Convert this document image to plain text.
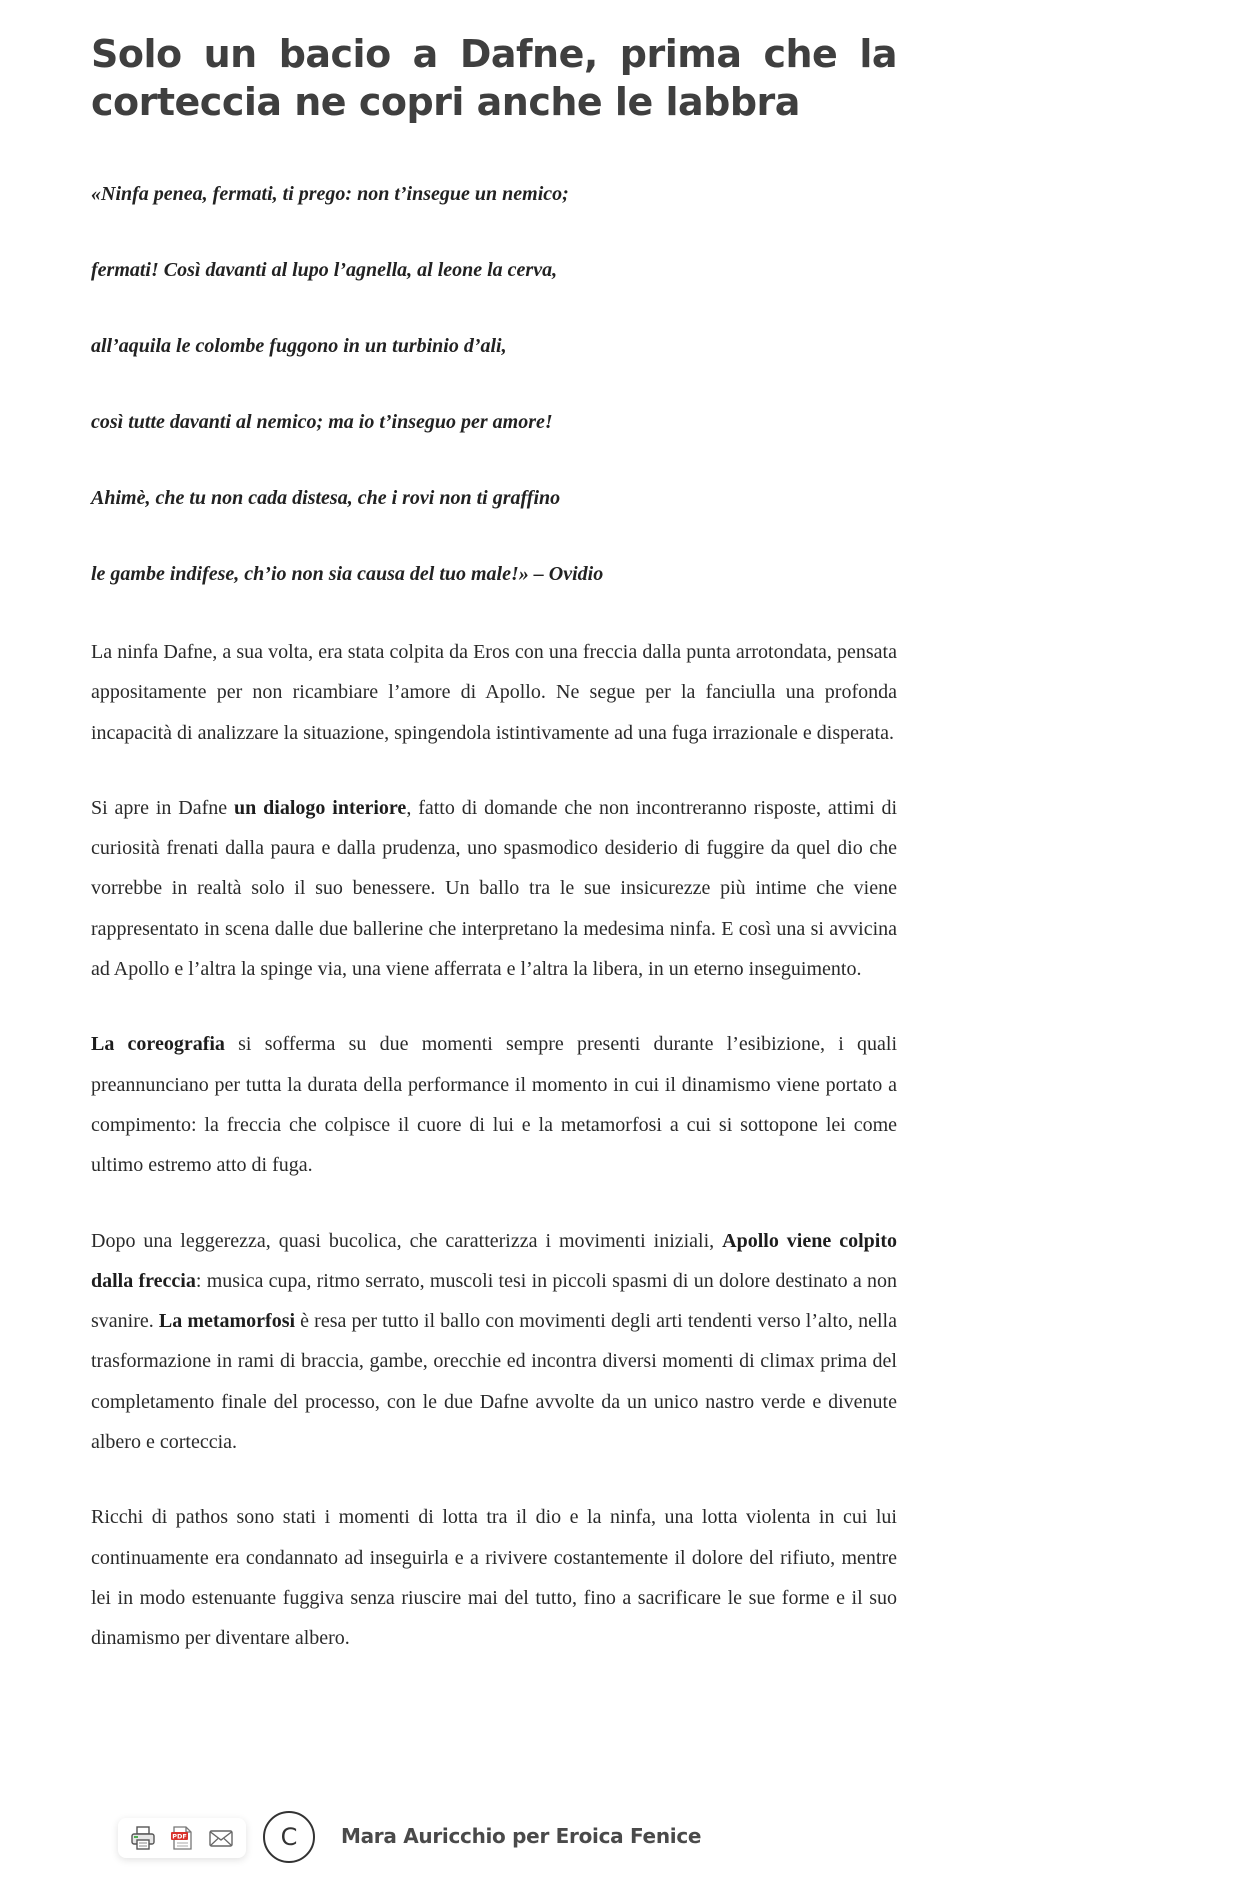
Solo un bacio a Dafne, prima che la corteccia ne copri anche le labbra

«Ninfa penea, fermati, ti prego: non t’insegue un nemico;

fermati! Così davanti al lupo l’agnella, al leone la cerva,

all’aquila le colombe fuggono in un turbinio d’ali,

così tutte davanti al nemico; ma io t’inseguo per amore!

Ahimè, che tu non cada distesa, che i rovi non ti graffino

le gambe indifese, ch’io non sia causa del tuo male!» – Ovidio

La ninfa Dafne, a sua volta, era stata colpita da Eros con una freccia dalla punta arrotondata, pensata appositamente per non ricambiare l’amore di Apollo. Ne segue per la fanciulla una profonda incapacità di analizzare la situazione, spingendola istintivamente ad una fuga irrazionale e disperata.

Si apre in Dafne un dialogo interiore, fatto di domande che non incontreranno risposte, attimi di curiosità frenati dalla paura e dalla prudenza, uno spasmodico desiderio di fuggire da quel dio che vorrebbe in realtà solo il suo benessere. Un ballo tra le sue insicurezze più intime che viene rappresentato in scena dalle due ballerine che interpretano la medesima ninfa. E così una si avvicina ad Apollo e l’altra la spinge via, una viene afferrata e l’altra la libera, in un eterno inseguimento.

La coreografia si sofferma su due momenti sempre presenti durante l’esibizione, i quali preannunciano per tutta la durata della performance il momento in cui il dinamismo viene portato a compimento: la freccia che colpisce il cuore di lui e la metamorfosi a cui si sottopone lei come ultimo estremo atto di fuga.

Dopo una leggerezza, quasi bucolica, che caratterizza i movimenti iniziali, Apollo viene colpito dalla freccia: musica cupa, ritmo serrato, muscoli tesi in piccoli spasmi di un dolore destinato a non svanire. La metamorfosi è resa per tutto il ballo con movimenti degli arti tendenti verso l’alto, nella trasformazione in rami di braccia, gambe, orecchie ed incontra diversi momenti di climax prima del completamento finale del processo, con le due Dafne avvolte da un unico nastro verde e divenute albero e corteccia.

Ricchi di pathos sono stati i momenti di lotta tra il dio e la ninfa, una lotta violenta in cui lui continuamente era condannato ad inseguirla e a rivivere costantemente il dolore del rifiuto, mentre lei in modo estenuante fuggiva senza riuscire mai del tutto, fino a sacrificare le sue forme e il suo dinamismo per diventare albero.

PDF	C Mara Auricchio per Eroica Fenice
